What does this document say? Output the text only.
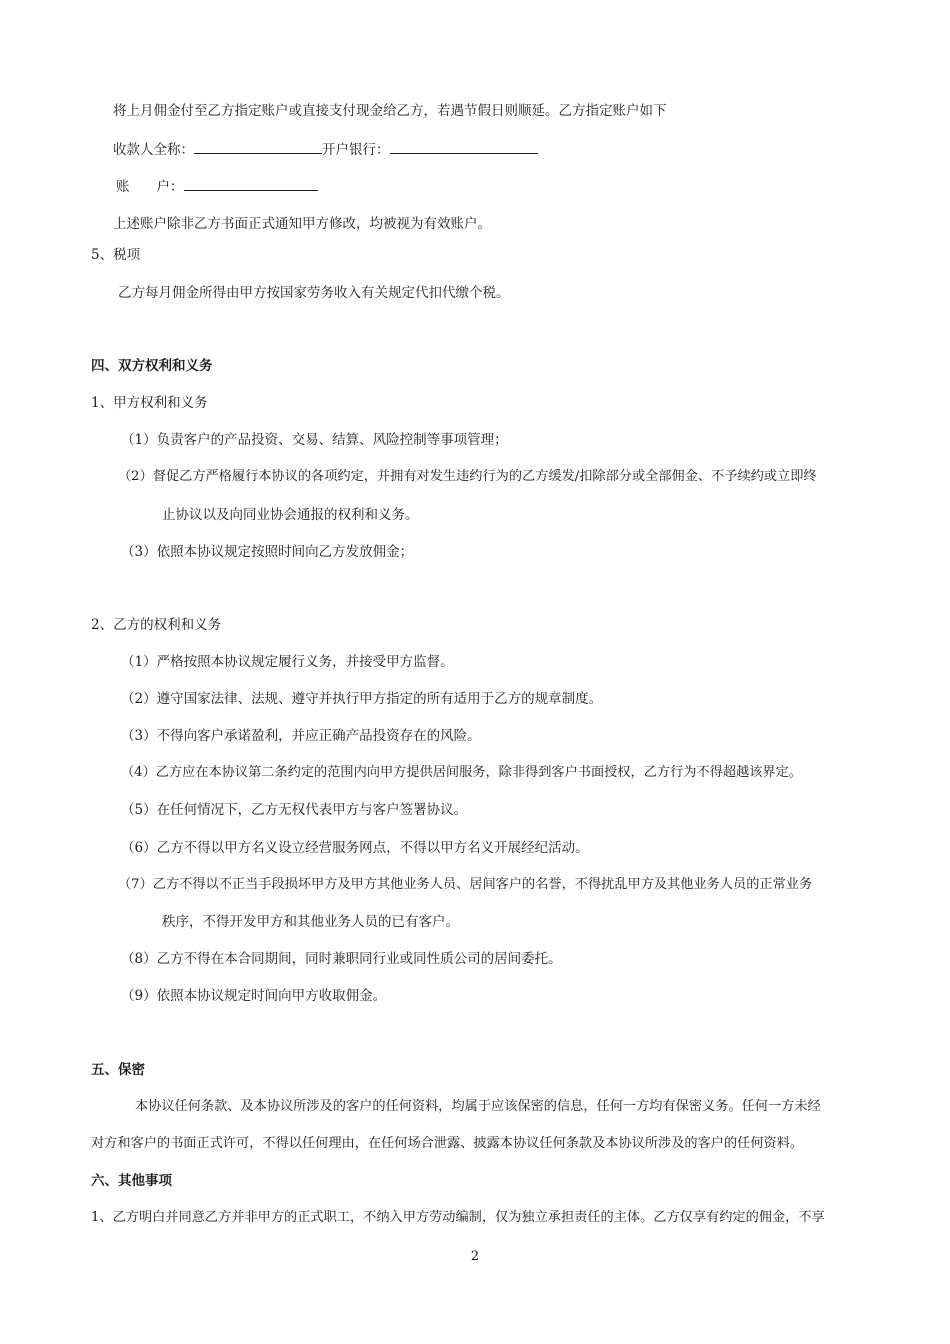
将上月佣金付至乙方指定账户或直接支付现金给乙方，若遇节假日则顺延。乙方指定账户如下

收款人全称：	开户银行：
账　　户：

上述账户除非乙方书面正式通知甲方修改，均被视为有效账户。

5、税项

乙方每月佣金所得由甲方按国家劳务收入有关规定代扣代缴个税。

四、双方权利和义务

1、甲方权利和义务

（1）负责客户的产品投资、交易、结算、风险控制等事项管理；

（2）督促乙方严格履行本协议的各项约定，并拥有对发生违约行为的乙方缓发/扣除部分或全部佣金、不予续约或立即终

止协议以及向同业协会通报的权利和义务。

（3）依照本协议规定按照时间向乙方发放佣金；

2、乙方的权利和义务

（1）严格按照本协议规定履行义务，并接受甲方监督。

（2）遵守国家法律、法规、遵守并执行甲方指定的所有适用于乙方的规章制度。

（3）不得向客户承诺盈利，并应正确产品投资存在的风险。

（4）乙方应在本协议第二条约定的范围内向甲方提供居间服务，除非得到客户书面授权，乙方行为不得超越该界定。

（5）在任何情况下，乙方无权代表甲方与客户签署协议。

（6）乙方不得以甲方名义设立经营服务网点，不得以甲方名义开展经纪活动。

（7）乙方不得以不正当手段损坏甲方及甲方其他业务人员、居间客户的名誉，不得扰乱甲方及其他业务人员的正常业务

秩序，不得开发甲方和其他业务人员的已有客户。

（8）乙方不得在本合同期间，同时兼职同行业或同性质公司的居间委托。

（9）依照本协议规定时间向甲方收取佣金。

五、保密

本协议任何条款、及本协议所涉及的客户的任何资料，均属于应该保密的信息，任何一方均有保密义务。任何一方未经

对方和客户的书面正式许可，不得以任何理由，在任何场合泄露、披露本协议任何条款及本协议所涉及的客户的任何资料。

六、其他事项

1、乙方明白并同意乙方并非甲方的正式职工，不纳入甲方劳动编制，仅为独立承担责任的主体。乙方仅享有约定的佣金，不享

2
